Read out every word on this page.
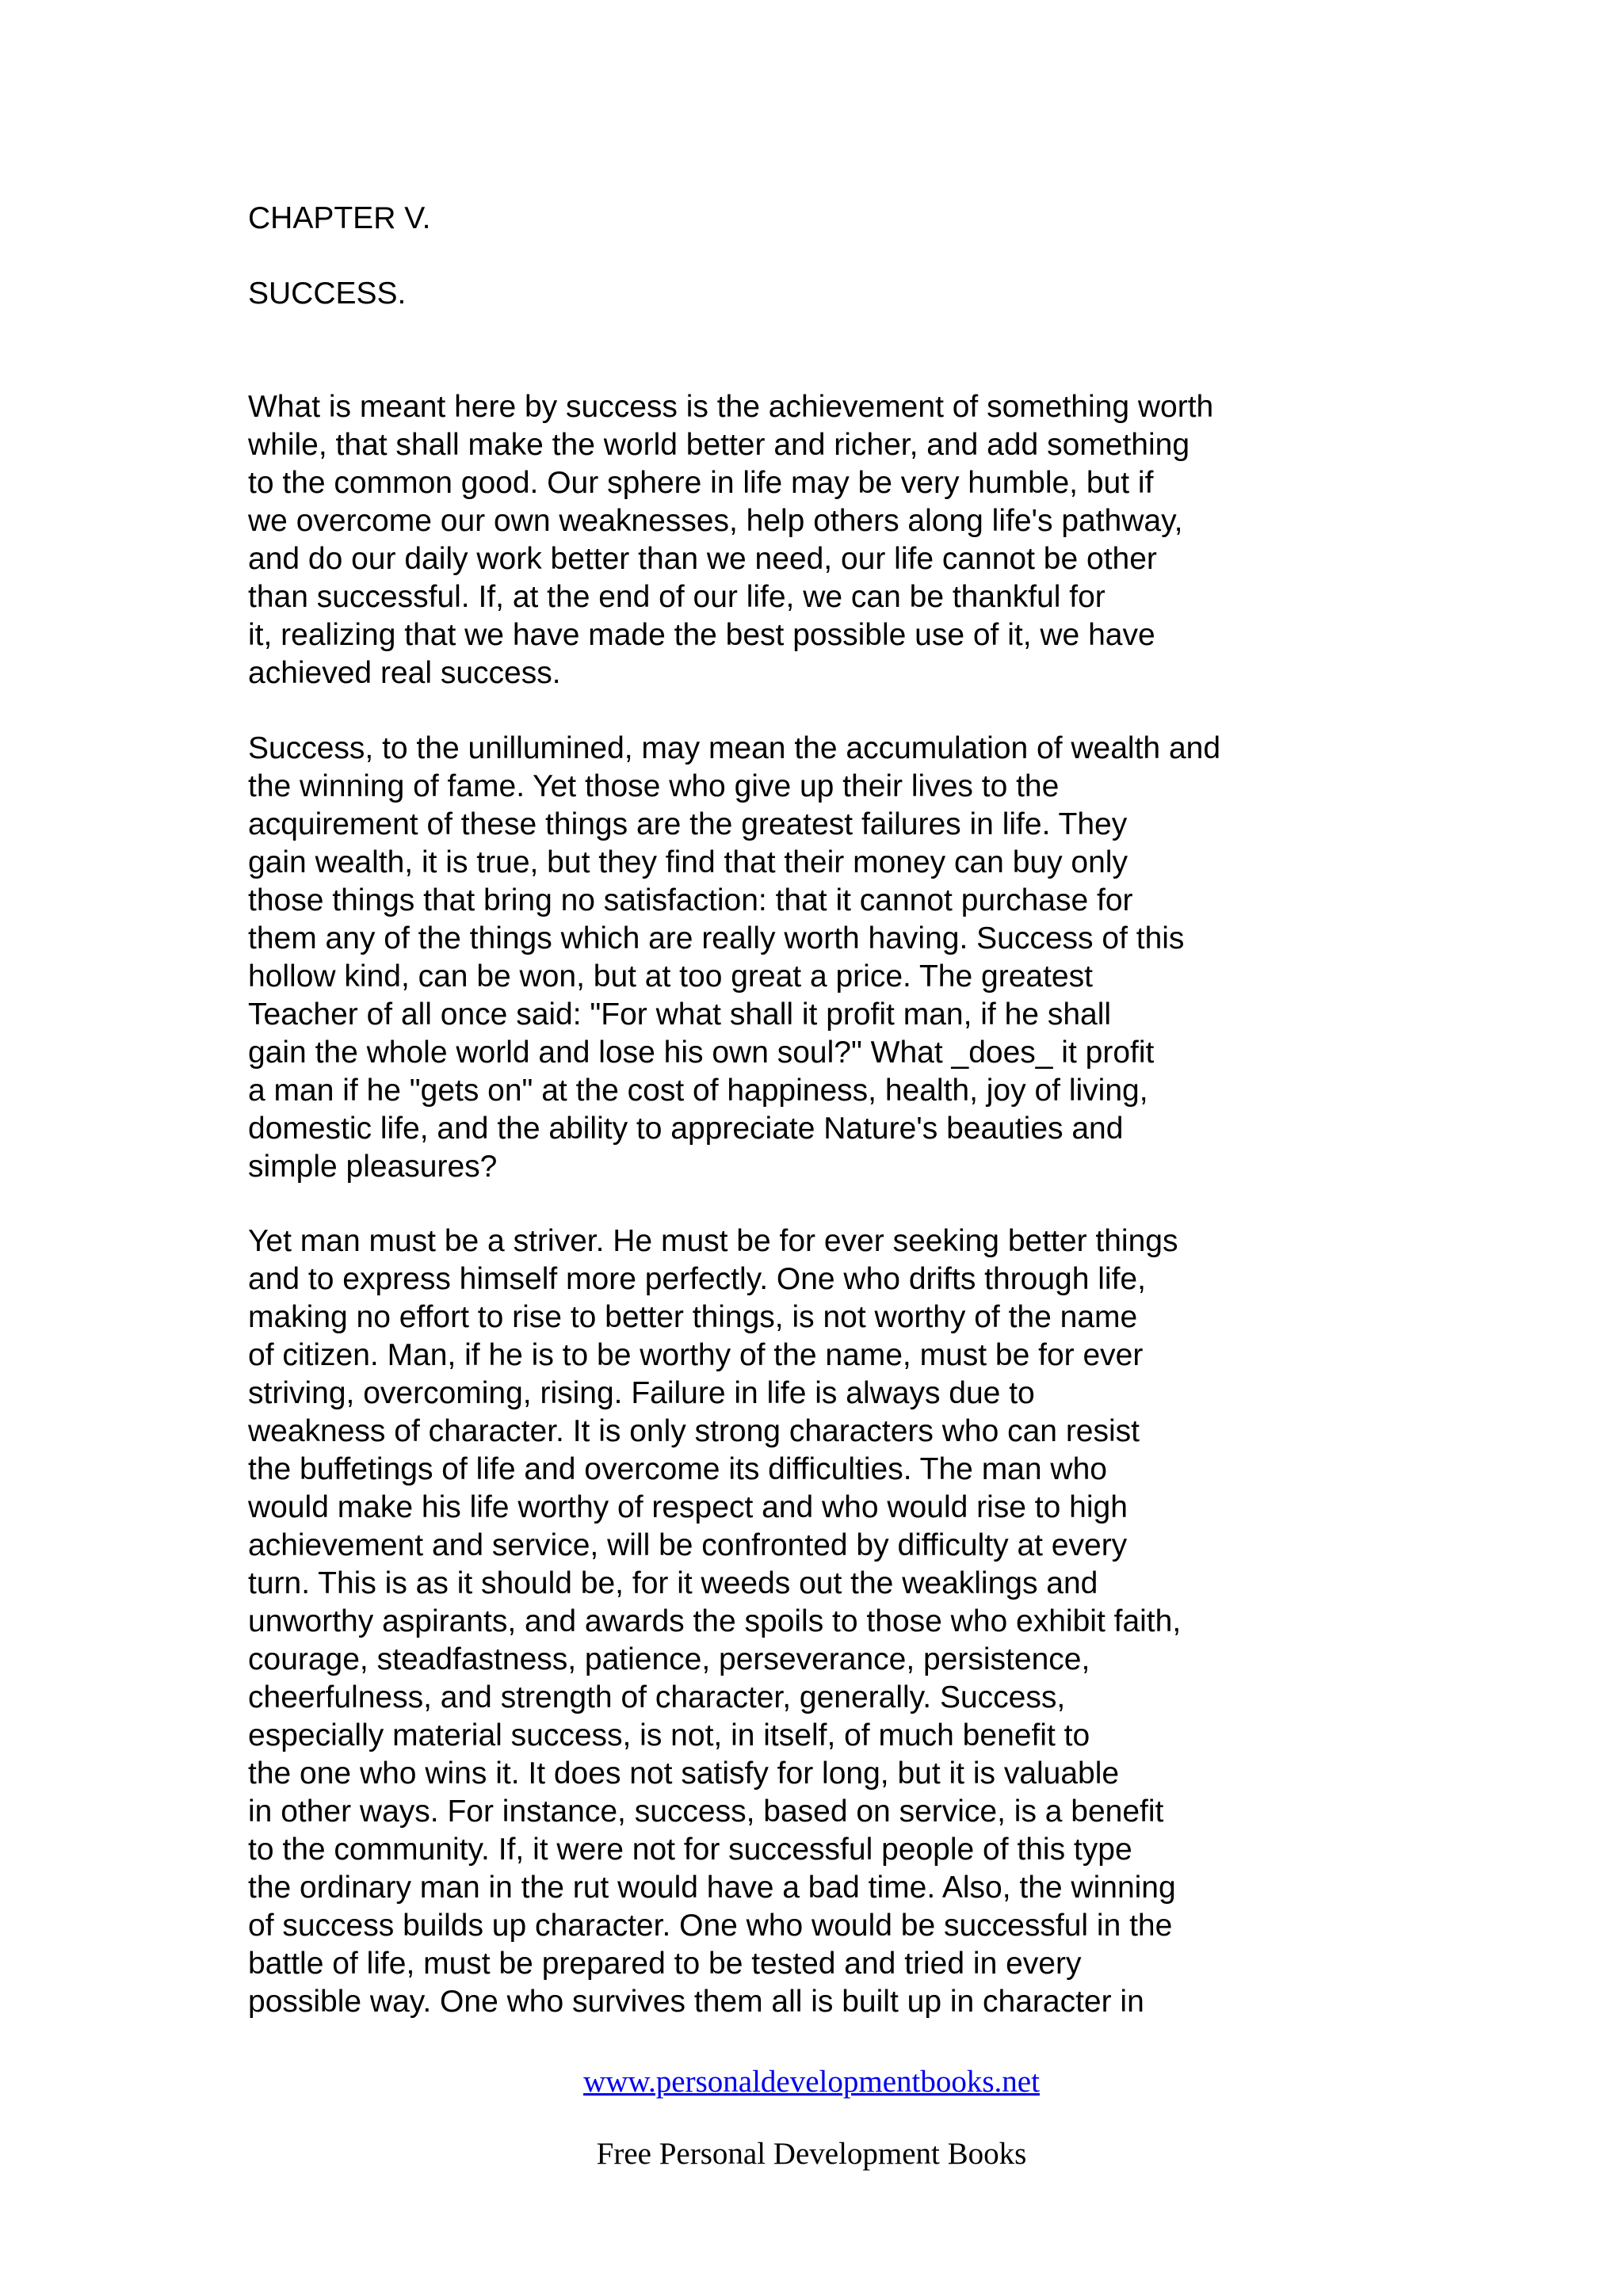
CHAPTER V.
SUCCESS.
What is meant here by success is the achievement of something worth
while, that shall make the world better and richer, and add something
to the common good. Our sphere in life may be very humble, but if
we overcome our own weaknesses, help others along life's pathway,
and do our daily work better than we need, our life cannot be other
than successful. If, at the end of our life, we can be thankful for
it, realizing that we have made the best possible use of it, we have
achieved real success.
Success, to the unillumined, may mean the accumulation of wealth and
the winning of fame. Yet those who give up their lives to the
acquirement of these things are the greatest failures in life. They
gain wealth, it is true, but they find that their money can buy only
those things that bring no satisfaction: that it cannot purchase for
them any of the things which are really worth having. Success of this
hollow kind, can be won, but at too great a price. The greatest
Teacher of all once said: "For what shall it profit man, if he shall
gain the whole world and lose his own soul?" What _does_ it profit
a man if he "gets on" at the cost of happiness, health, joy of living,
domestic life, and the ability to appreciate Nature's beauties and
simple pleasures?
Yet man must be a striver. He must be for ever seeking better things
and to express himself more perfectly. One who drifts through life,
making no effort to rise to better things, is not worthy of the name
of citizen. Man, if he is to be worthy of the name, must be for ever
striving, overcoming, rising. Failure in life is always due to
weakness of character. It is only strong characters who can resist
the buffetings of life and overcome its difficulties. The man who
would make his life worthy of respect and who would rise to high
achievement and service, will be confronted by difficulty at every
turn. This is as it should be, for it weeds out the weaklings and
unworthy aspirants, and awards the spoils to those who exhibit faith,
courage, steadfastness, patience, perseverance, persistence,
cheerfulness, and strength of character, generally. Success,
especially material success, is not, in itself, of much benefit to
the one who wins it. It does not satisfy for long, but it is valuable
in other ways. For instance, success, based on service, is a benefit
to the community. If, it were not for successful people of this type
the ordinary man in the rut would have a bad time. Also, the winning
of success builds up character. One who would be successful in the
battle of life, must be prepared to be tested and tried in every
possible way. One who survives them all is built up in character in
www.personaldevelopmentbooks.net
Free Personal Development Books
